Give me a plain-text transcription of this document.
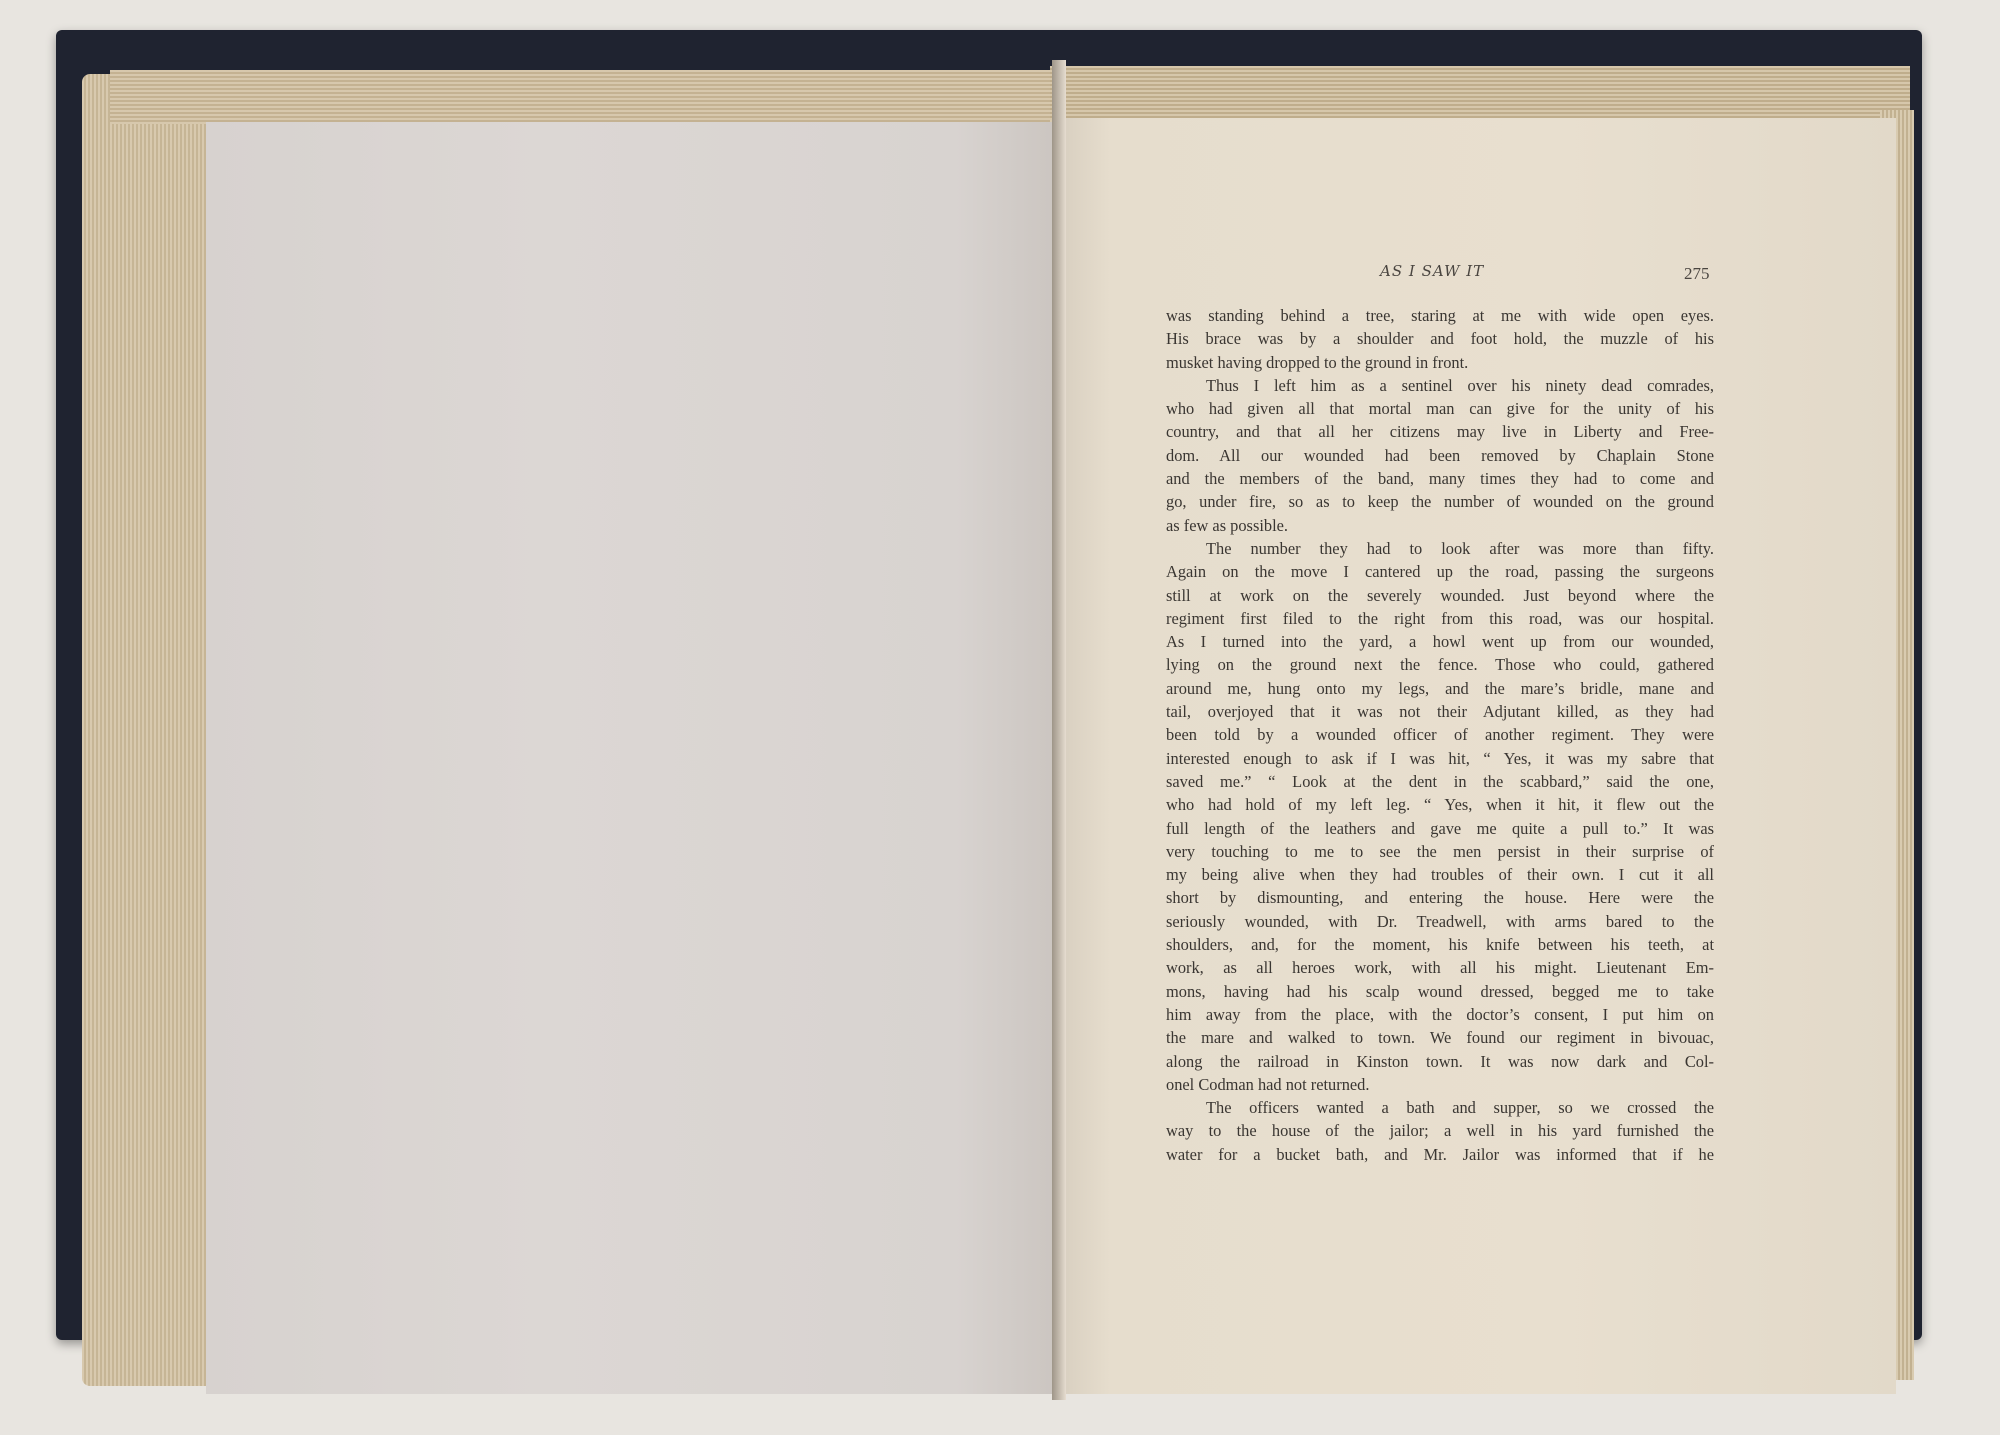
AS I SAW IT	275
was standing behind a tree, staring at me with wide open eyes.
His brace was by a shoulder and foot hold, the muzzle of his
musket having dropped to the ground in front.
Thus I left him as a sentinel over his ninety dead comrades,
who had given all that mortal man can give for the unity of his
country, and that all her citizens may live in Liberty and Free-
dom. All our wounded had been removed by Chaplain Stone
and the members of the band, many times they had to come and
go, under fire, so as to keep the number of wounded on the ground
as few as possible.
The number they had to look after was more than fifty.
Again on the move I cantered up the road, passing the surgeons
still at work on the severely wounded. Just beyond where the
regiment first filed to the right from this road, was our hospital.
As I turned into the yard, a howl went up from our wounded,
lying on the ground next the fence. Those who could, gathered
around me, hung onto my legs, and the mare’s bridle, mane and
tail, overjoyed that it was not their Adjutant killed, as they had
been told by a wounded officer of another regiment. They were
interested enough to ask if I was hit, “ Yes, it was my sabre that
saved me.” “ Look at the dent in the scabbard,” said the one,
who had hold of my left leg. “ Yes, when it hit, it flew out the
full length of the leathers and gave me quite a pull to.” It was
very touching to me to see the men persist in their surprise of
my being alive when they had troubles of their own. I cut it all
short by dismounting, and entering the house. Here were the
seriously wounded, with Dr. Treadwell, with arms bared to the
shoulders, and, for the moment, his knife between his teeth, at
work, as all heroes work, with all his might. Lieutenant Em-
mons, having had his scalp wound dressed, begged me to take
him away from the place, with the doctor’s consent, I put him on
the mare and walked to town. We found our regiment in bivouac,
along the railroad in Kinston town. It was now dark and Col-
onel Codman had not returned.
The officers wanted a bath and supper, so we crossed the
way to the house of the jailor; a well in his yard furnished the
water for a bucket bath, and Mr. Jailor was informed that if he
